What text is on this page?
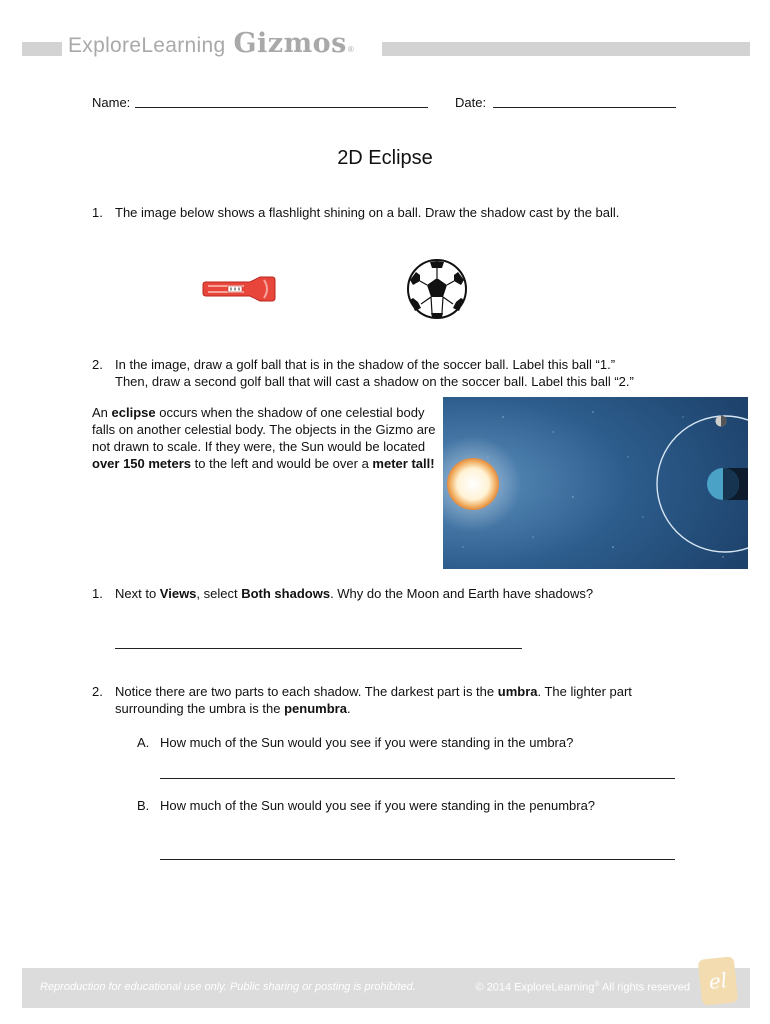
Explore Learning Gizmos ®
Name:	Date:
2D Eclipse
1. The image below shows a flashlight shining on a ball. Draw the shadow cast by the ball.
2. In the image, draw a golf ball that is in the shadow of the soccer ball. Label this ball “1.”
Then, draw a second golf ball that will cast a shadow on the soccer ball. Label this ball “2.”
An eclipse occurs when the shadow of one celestial body falls on another celestial body. The objects in the Gizmo are not drawn to scale. If they were, the Sun would be located over 150 meters to the left and would be over a meter tall!
1. Next to Views, select Both shadows. Why do the Moon and Earth have shadows?
2. Notice there are two parts to each shadow. The darkest part is the umbra. The lighter part
surrounding the umbra is the penumbra.
A. How much of the Sun would you see if you were standing in the umbra?
B. How much of the Sun would you see if you were standing in the penumbra?
Reproduction for educational use only. Public sharing or posting is prohibited.	© 2014 ExploreLearning® All rights reserved el
